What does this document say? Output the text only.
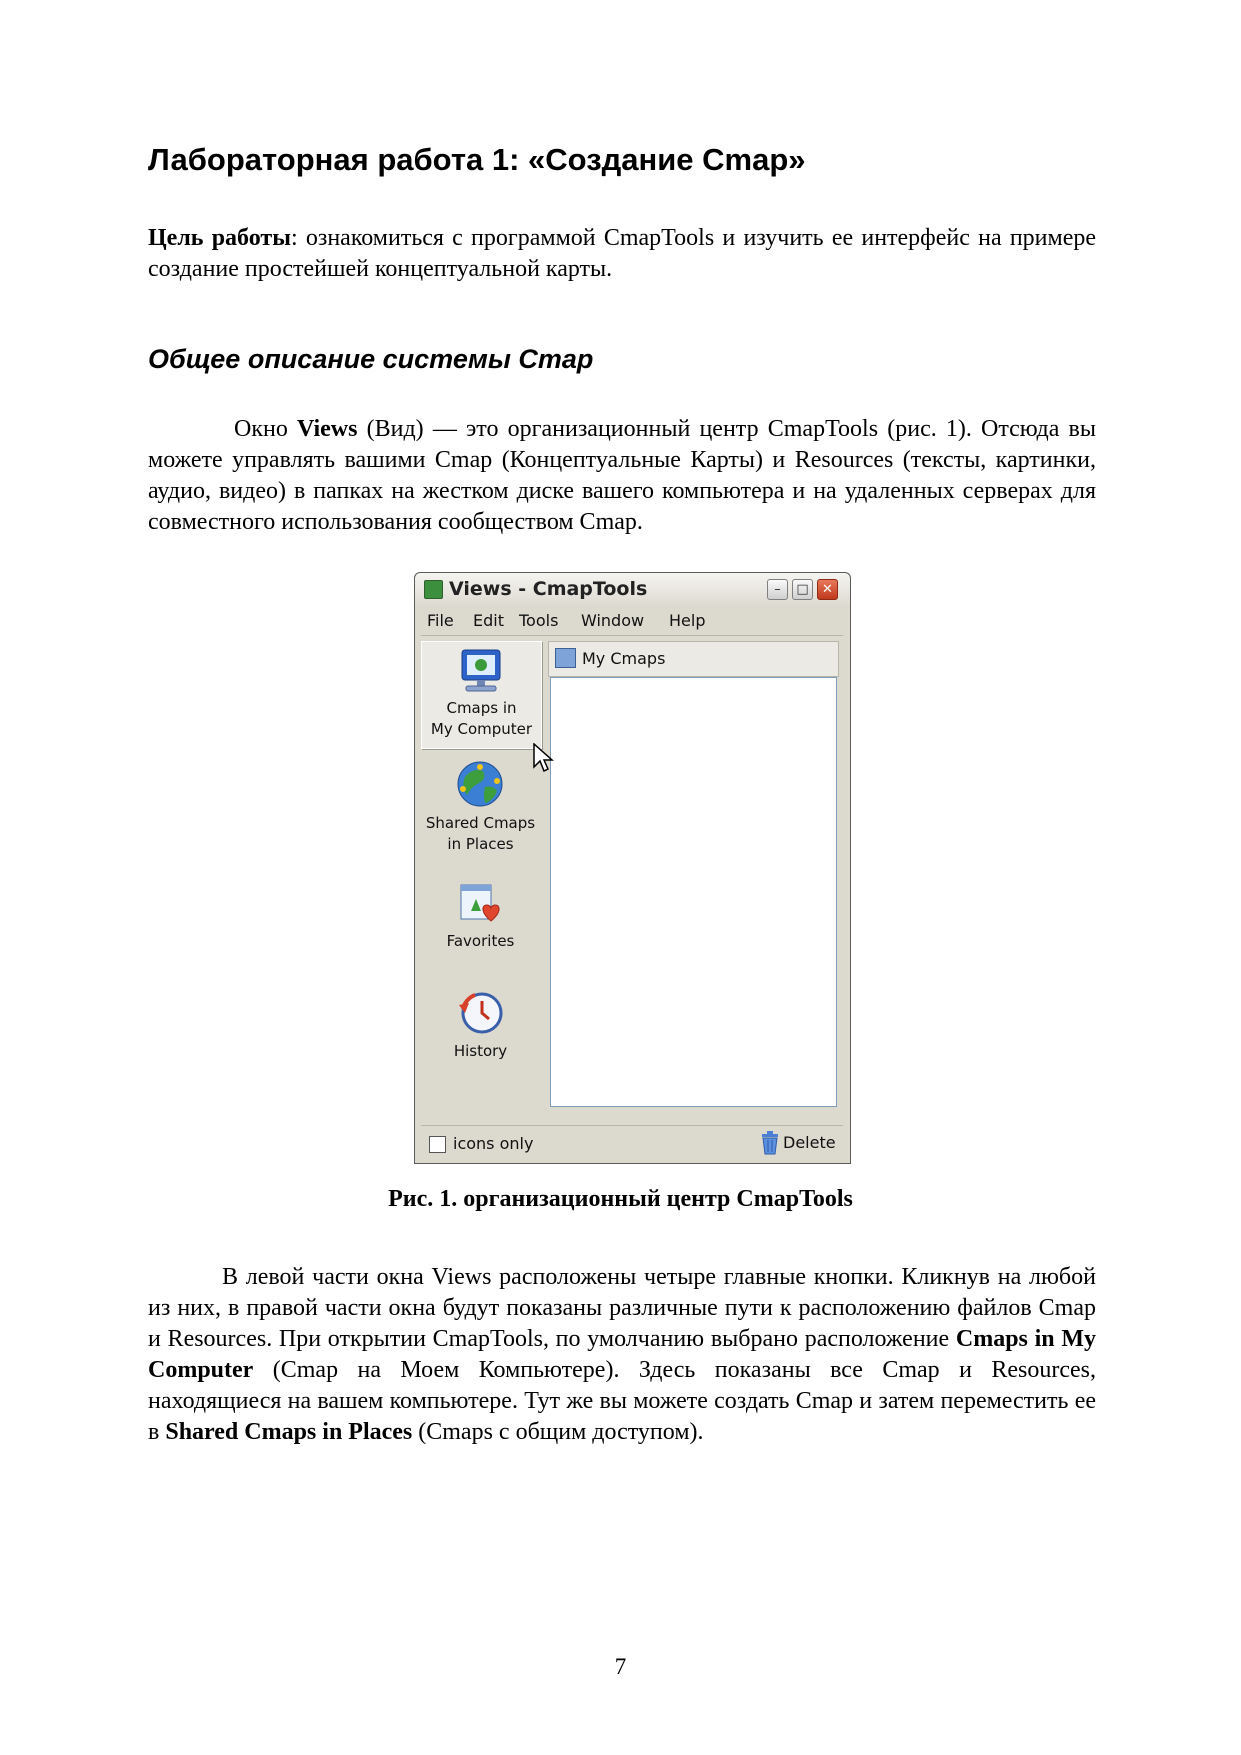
Лабораторная работа 1: «Создание Cmap»

Цель работы: ознакомиться с программой CmapTools и изучить ее интерфейс на примере создание простейшей концептуальной карты.

Общее описание системы Cmap

Окно Views (Вид) — это организационный центр CmapTools (рис. 1). Отсюда вы можете управлять вашими Cmap (Концептуальные Карты) и Resources (тексты, картинки, аудио, видео) в папках на жестком диске вашего компьютера и на удаленных серверах для совместного использования сообществом Cmap.

Views - CmapTools	–	□	✕
File Edit Tools Window Help
Cmaps in
My Computer
Shared Cmaps
in Places
Favorites
History
My Cmaps
icons only	Delete
Рис. 1. организационный центр CmapTools

В левой части окна Views расположены четыре главные кнопки. Кликнув на любой из них, в правой части окна будут показаны различные пути к расположению файлов Cmap и Resources. При открытии CmapTools, по умолчанию выбрано расположение Cmaps in My Computer (Cmap на Моем Компьютере). Здесь показаны все Cmap и Resources, находящиеся на вашем компьютере. Тут же вы можете создать Cmap и затем переместить ее в Shared Cmaps in Places (Cmaps с общим доступом).

7
